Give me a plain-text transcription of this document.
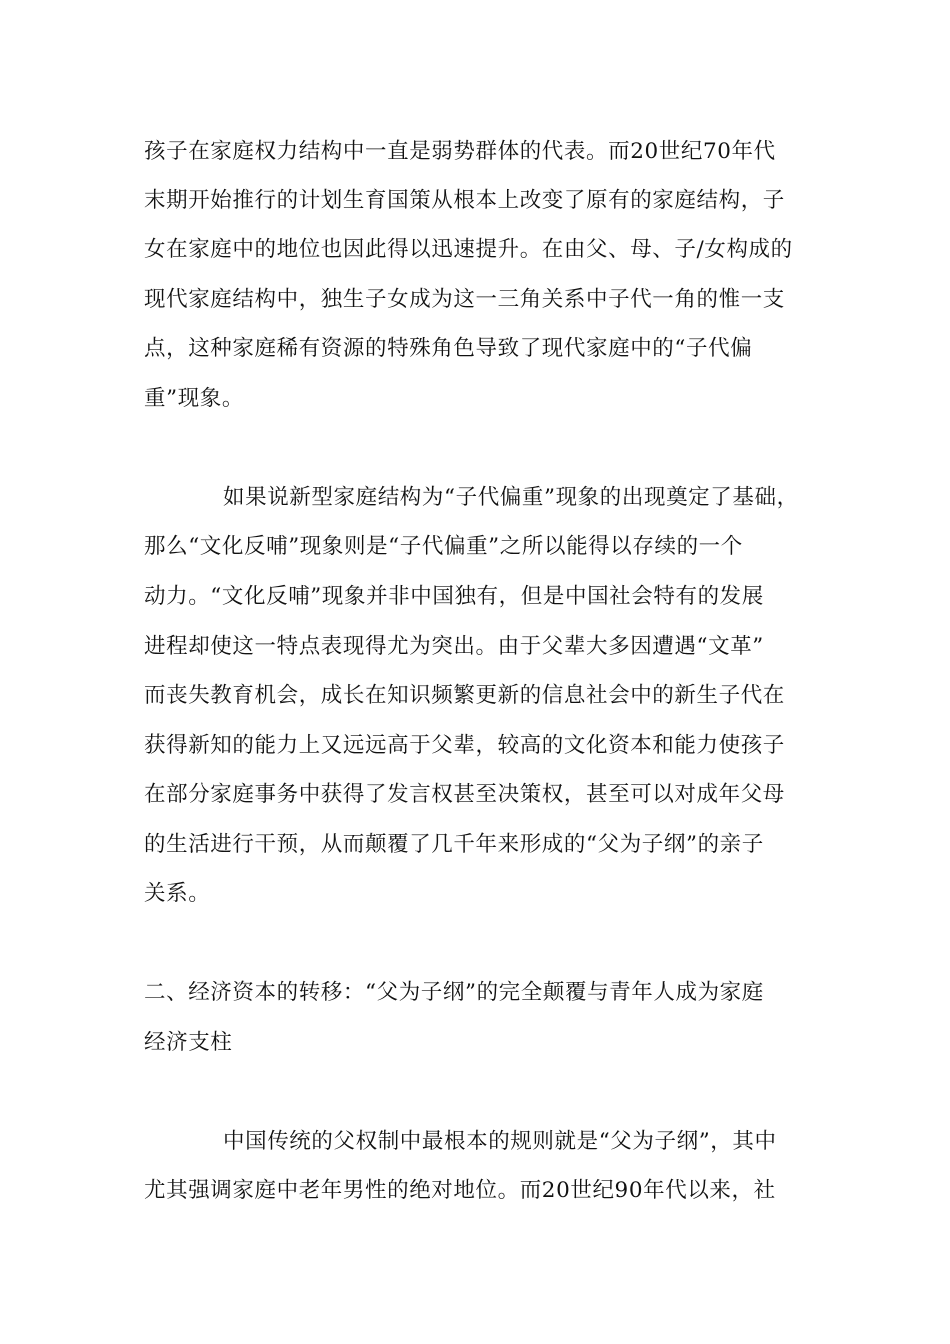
孩子在家庭权力结构中一直是弱势群体的代表。而20世纪70年代
末期开始推行的计划生育国策从根本上改变了原有的家庭结构，子
女在家庭中的地位也因此得以迅速提升。在由父、母、子/女构成的
现代家庭结构中，独生子女成为这一三角关系中子代一角的惟一支
点，这种家庭稀有资源的特殊角色导致了现代家庭中的“子代偏
重”现象。
如果说新型家庭结构为“子代偏重”现象的出现奠定了基础，
那么“文化反哺”现象则是“子代偏重”之所以能得以存续的一个
动力。“文化反哺”现象并非中国独有，但是中国社会特有的发展
进程却使这一特点表现得尤为突出。由于父辈大多因遭遇“文革”
而丧失教育机会，成长在知识频繁更新的信息社会中的新生子代在
获得新知的能力上又远远高于父辈，较高的文化资本和能力使孩子
在部分家庭事务中获得了发言权甚至决策权，甚至可以对成年父母
的生活进行干预，从而颠覆了几千年来形成的“父为子纲”的亲子
关系。
二、经济资本的转移：“父为子纲”的完全颠覆与青年人成为家庭
经济支柱
中国传统的父权制中最根本的规则就是“父为子纲”，其中
尤其强调家庭中老年男性的绝对地位。而20世纪90年代以来，社
